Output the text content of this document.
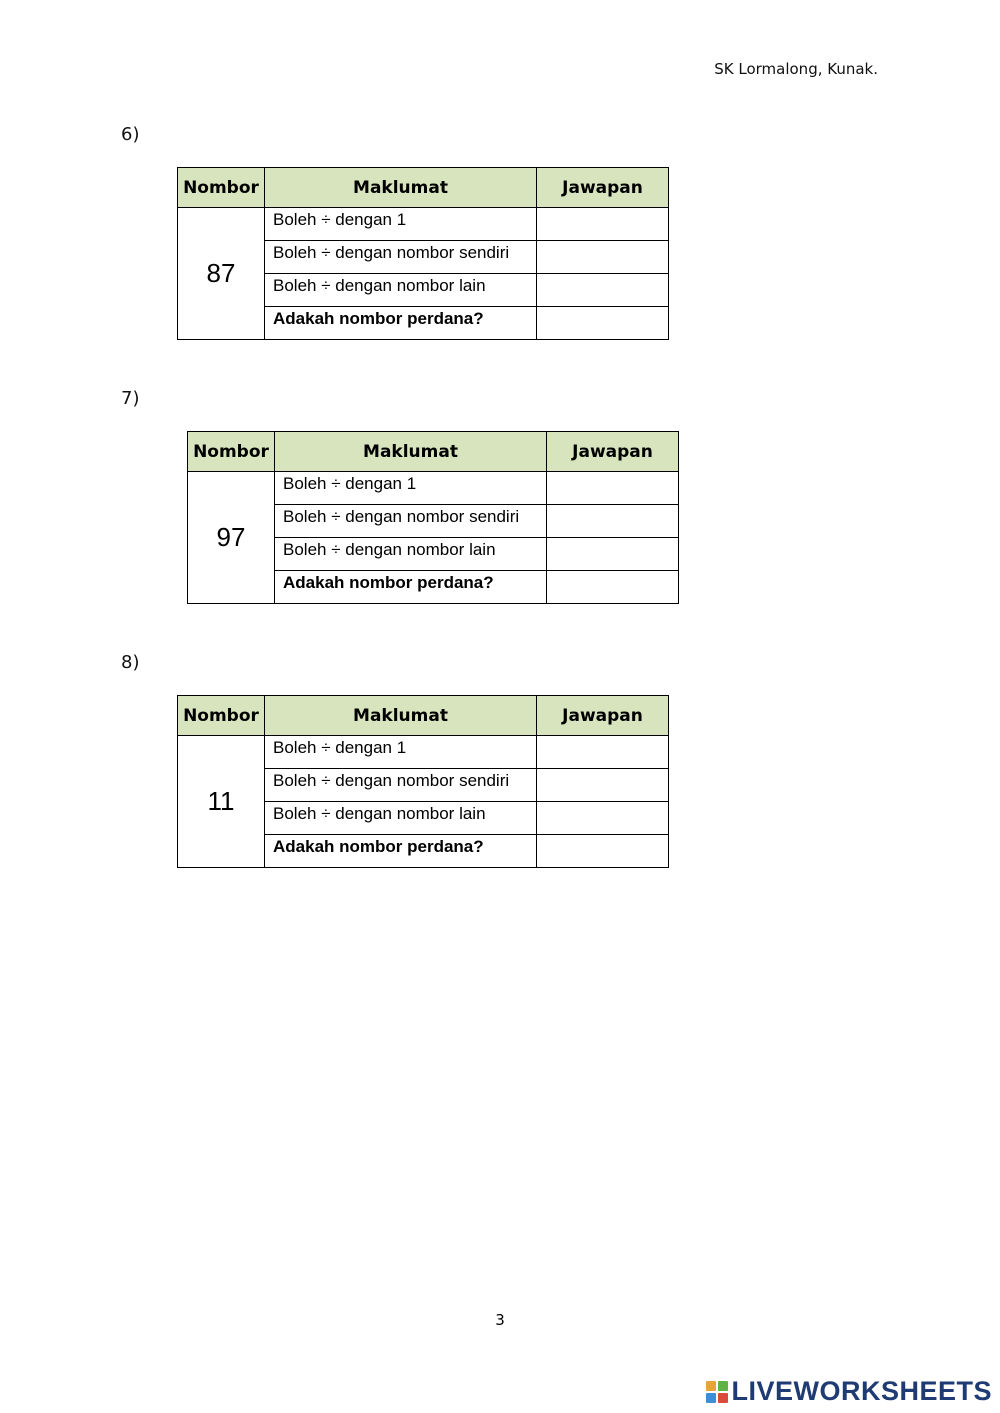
SK Lormalong, Kunak.
6)
Nombor	Maklumat	Jawapan
87	Boleh ÷ dengan 1	
	Boleh ÷ dengan nombor sendiri	
	Boleh ÷ dengan nombor lain	
	Adakah nombor perdana?	
7)
Nombor	Maklumat	Jawapan
97	Boleh ÷ dengan 1	
	Boleh ÷ dengan nombor sendiri	
	Boleh ÷ dengan nombor lain	
	Adakah nombor perdana?	
8)
Nombor	Maklumat	Jawapan
11	Boleh ÷ dengan 1	
	Boleh ÷ dengan nombor sendiri	
	Boleh ÷ dengan nombor lain	
	Adakah nombor perdana?	
3
LIVEWORKSHEETS
